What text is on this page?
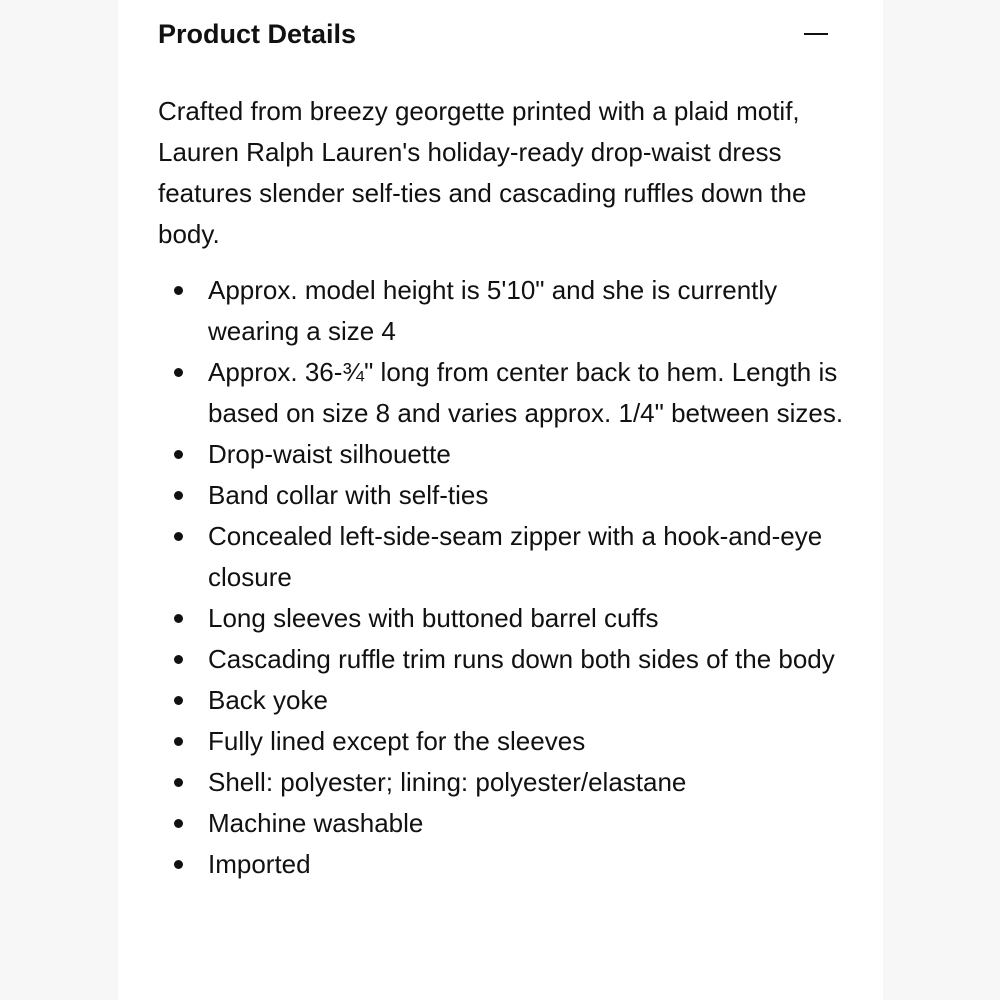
Product Details

Crafted from breezy georgette printed with a plaid motif, Lauren Ralph Lauren's holiday-ready drop-waist dress features slender self-ties and cascading ruffles down the body.

Approx. model height is 5'10" and she is currently wearing a size 4
Approx. 36-¾" long from center back to hem. Length is based on size 8 and varies approx. 1/4" between sizes.
Drop-waist silhouette
Band collar with self-ties
Concealed left-side-seam zipper with a hook-and-eye closure
Long sleeves with buttoned barrel cuffs
Cascading ruffle trim runs down both sides of the body
Back yoke
Fully lined except for the sleeves
Shell: polyester; lining: polyester/elastane
Machine washable
Imported
